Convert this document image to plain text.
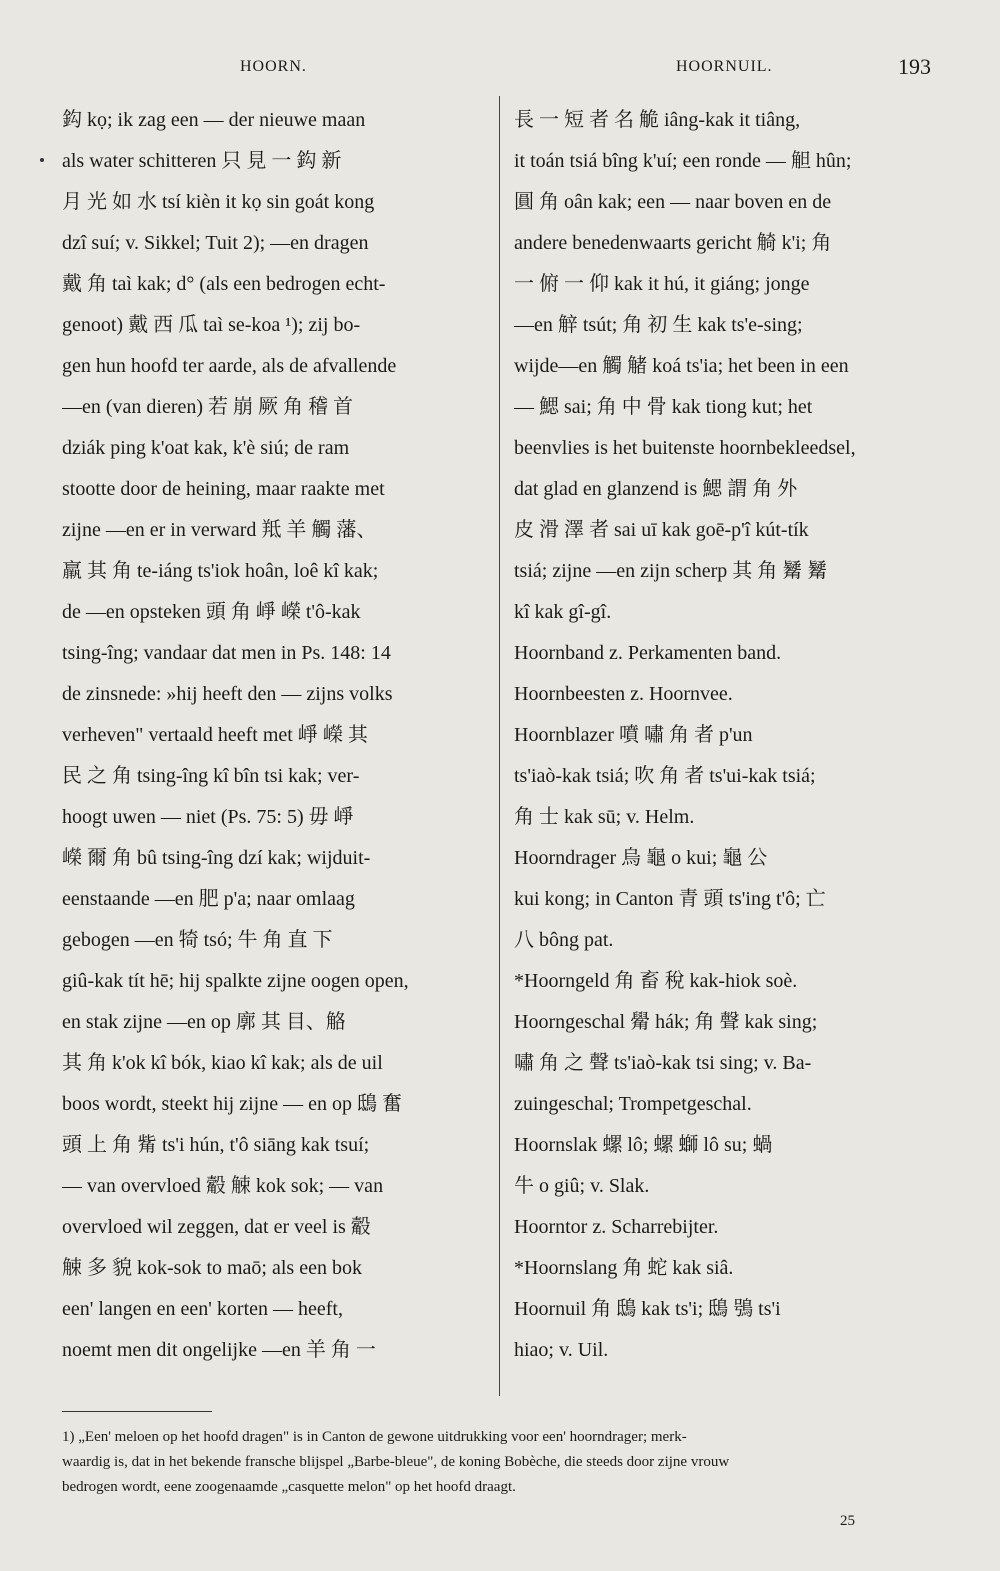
HOORN.	HOORNUIL.	193
鈎 kọ; ik zag een — der nieuwe maan
als water schitteren 只 見 一 鈎 新
月 光 如 水 tsí kièn it kọ sin goát kong
dzî suí; v. Sikkel; Tuit 2); —en dragen
戴 角 taì kak; d° (als een bedrogen echt-
genoot) 戴 西 瓜 taì se-koa ¹); zij bo-
gen hun hoofd ter aarde, als de afvallende
—en (van dieren) 若 崩 厥 角 稽 首
dziák ping k'oat kak, k'è siú; de ram
stootte door de heining, maar raakte met
zijne —en er in verward 羝 羊 觸 藩、
羸 其 角 te-iáng ts'iok hoân, loê kî kak;
de —en opsteken 頭 角 崢 嶸 t'ô-kak
tsing-îng; vandaar dat men in Ps. 148: 14
de zinsnede: »hij heeft den — zijns volks
verheven" vertaald heeft met 崢 嶸 其
民 之 角 tsing-îng kî bîn tsi kak; ver-
hoogt uwen — niet (Ps. 75: 5) 毋 崢
嶸 爾 角 bû tsing-îng dzí kak; wijduit-
eenstaande —en 肥 p'a; naar omlaag
gebogen —en 犄 tsó; 牛 角 直 下
giû-kak tít hē; hij spalkte zijne oogen open,
en stak zijne —en op 廓 其 目、觡
其 角 k'ok kî bók, kiao kî kak; als de uil
boos wordt, steekt hij zijne — en op 鴟 奮
頭 上 角 觜 ts'i hún, t'ô siāng kak tsuí;
— van overvloed 觳 觫 kok sok; — van
overvloed wil zeggen, dat er veel is 觳
觫 多 貌 kok-sok to maō; als een bok
een' langen en een' korten — heeft,
noemt men dit ongelijke —en 羊 角 一
長 一 短 者 名 觤 iâng-kak it tiâng,
it toán tsiá bîng k'uí; een ronde — 觛 hûn;
圓 角 oân kak; een — naar boven en de
andere benedenwaarts gericht 觭 k'i; 角
一 俯 一 仰 kak it hú, it giáng; jonge
—en 觪 tsút; 角 初 生 kak ts'e-sing;
wijde—en 觸 觰 koá ts'ia; het been in een
— 鰓 sai; 角 中 骨 kak tiong kut; het
beenvlies is het buitenste hoornbekleedsel,
dat glad en glanzend is 鰓 謂 角 外
皮 滑 澤 者 sai uī kak goē-p'î kút-tík
tsiá; zijne —en zijn scherp 其 角 觺 觺
kî kak gî-gî.
Hoornband z. Perkamenten band.
Hoornbeesten z. Hoornvee.
Hoornblazer 噴 嘯 角 者 p'un
ts'iaò-kak tsiá; 吹 角 者 ts'ui-kak tsiá;
角 士 kak sū; v. Helm.
Hoorndrager 烏 龜 o kui; 龜 公
kui kong; in Canton 青 頭 ts'ing t'ô; 亡
八 bông pat.
*Hoorngeld 角 畜 稅 kak-hiok soè.
Hoorngeschal 觷 hák; 角 聲 kak sing;
嘯 角 之 聲 ts'iaò-kak tsi sing; v. Ba-
zuingeschal; Trompetgeschal.
Hoornslak 螺 lô; 螺 螄 lô su; 蝸
牛 o giû; v. Slak.
Hoorntor z. Scharrebijter.
*Hoornslang 角 蛇 kak siâ.
Hoornuil 角 鴟 kak ts'i; 鴟 鴞 ts'i
hiao; v. Uil.
1) „Een' meloen op het hoofd dragen" is in Canton de gewone uitdrukking voor een' hoorndrager; merk-
waardig is, dat in het bekende fransche blijspel „Barbe-bleue", de koning Bobèche, die steeds door zijne vrouw
bedrogen wordt, eene zoogenaamde „casquette melon" op het hoofd draagt.
25
